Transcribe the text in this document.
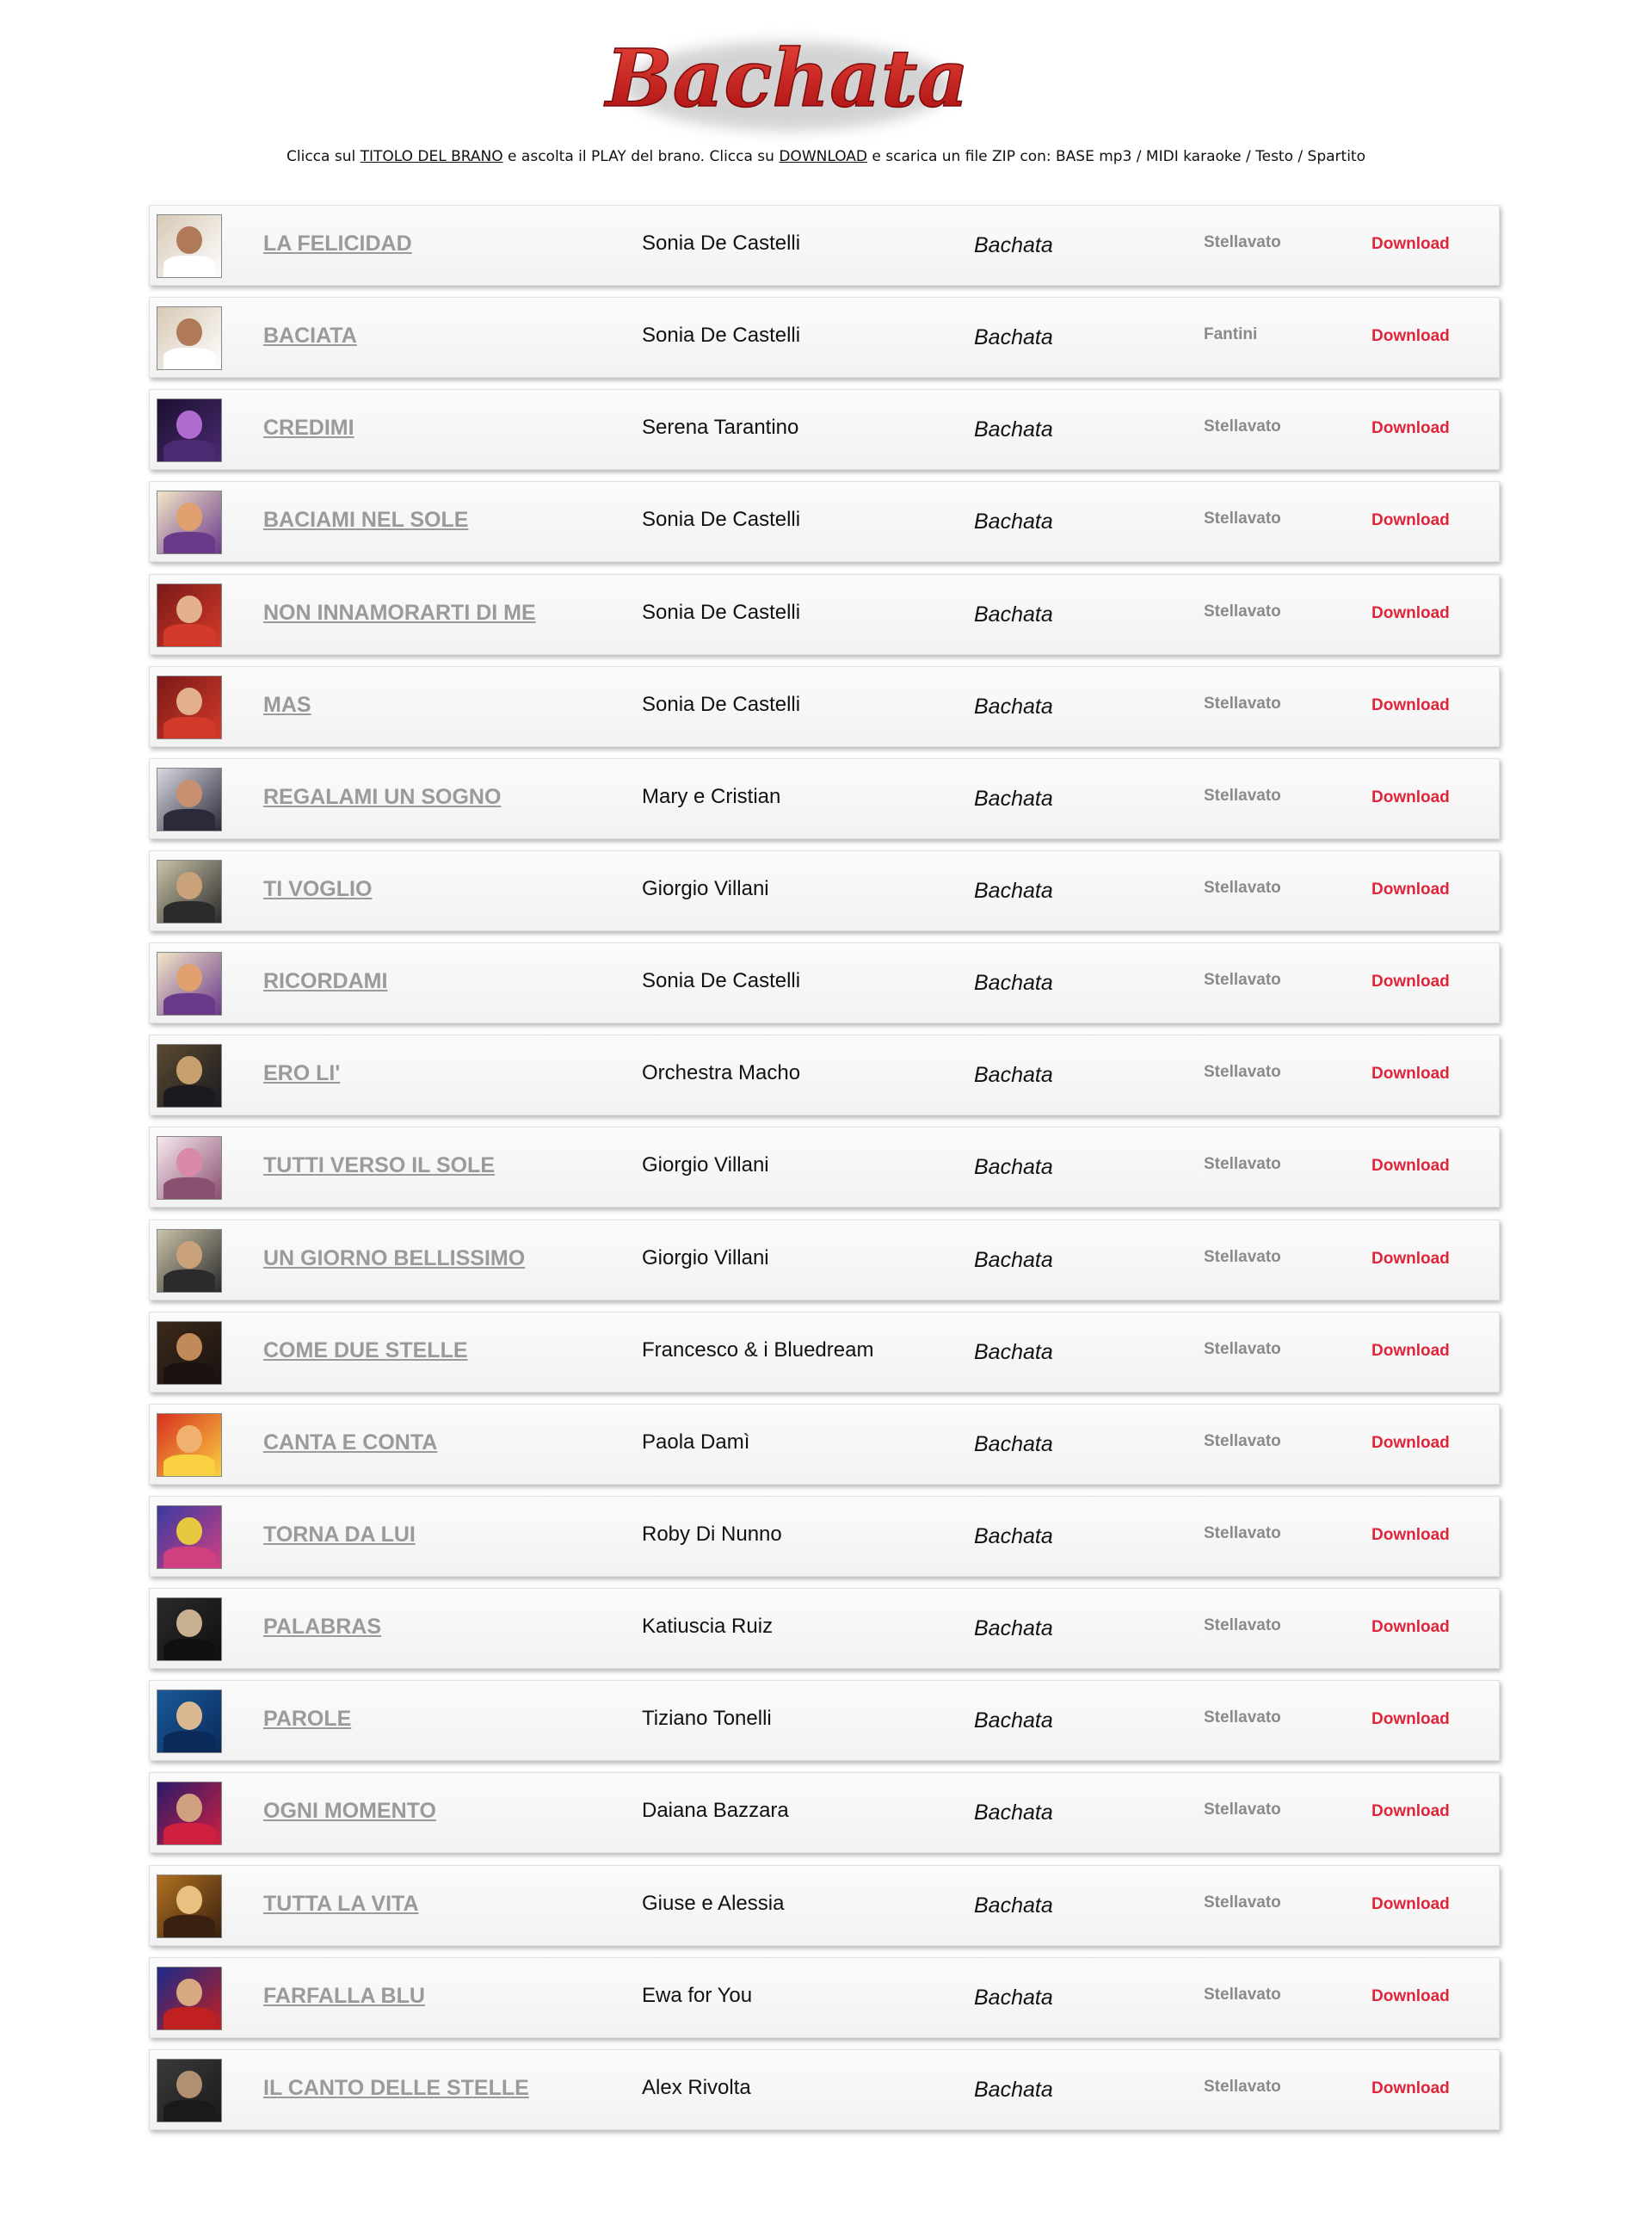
Bachata
Clicca sul TITOLO DEL BRANO e ascolta il PLAY del brano. Clicca su DOWNLOAD e scarica un file ZIP con: BASE mp3 / MIDI karaoke / Testo / Spartito
LA FELICIDAD	Sonia De Castelli	Bachata	Stellavato	Download
BACIATA	Sonia De Castelli	Bachata	Fantini	Download
CREDIMI	Serena Tarantino	Bachata	Stellavato	Download
BACIAMI NEL SOLE	Sonia De Castelli	Bachata	Stellavato	Download
NON INNAMORARTI DI ME	Sonia De Castelli	Bachata	Stellavato	Download
MAS	Sonia De Castelli	Bachata	Stellavato	Download
REGALAMI UN SOGNO	Mary e Cristian	Bachata	Stellavato	Download
TI VOGLIO	Giorgio Villani	Bachata	Stellavato	Download
RICORDAMI	Sonia De Castelli	Bachata	Stellavato	Download
ERO LI'	Orchestra Macho	Bachata	Stellavato	Download
TUTTI VERSO IL SOLE	Giorgio Villani	Bachata	Stellavato	Download
UN GIORNO BELLISSIMO	Giorgio Villani	Bachata	Stellavato	Download
COME DUE STELLE	Francesco & i Bluedream	Bachata	Stellavato	Download
CANTA E CONTA	Paola Damì	Bachata	Stellavato	Download
TORNA DA LUI	Roby Di Nunno	Bachata	Stellavato	Download
PALABRAS	Katiuscia Ruiz	Bachata	Stellavato	Download
PAROLE	Tiziano Tonelli	Bachata	Stellavato	Download
OGNI MOMENTO	Daiana Bazzara	Bachata	Stellavato	Download
TUTTA LA VITA	Giuse e Alessia	Bachata	Stellavato	Download
FARFALLA BLU	Ewa for You	Bachata	Stellavato	Download
IL CANTO DELLE STELLE	Alex Rivolta	Bachata	Stellavato	Download
